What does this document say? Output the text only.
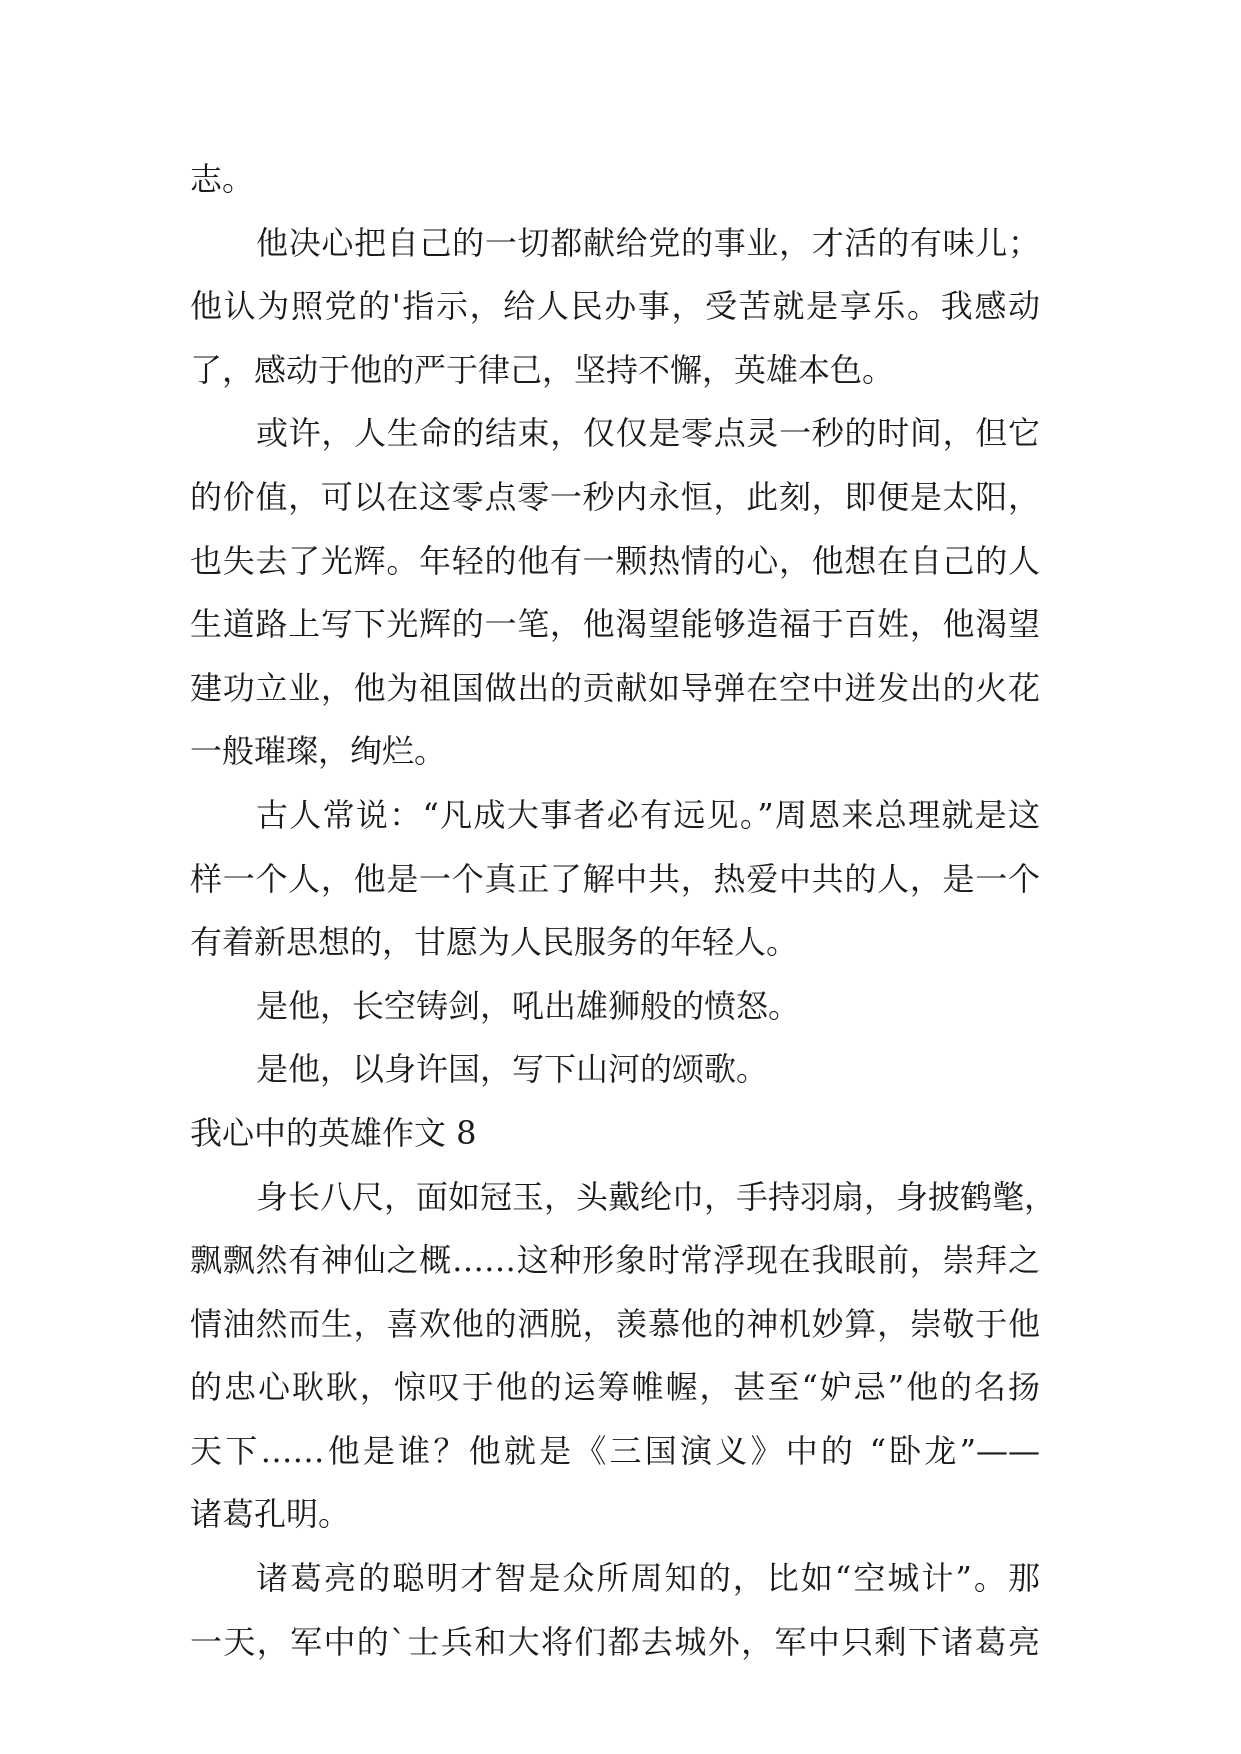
志。
他决心把自己的一切都献给党的事业，才活的有味儿；
他认为照党的'指示，给人民办事，受苦就是享乐。我感动
了，感动于他的严于律己，坚持不懈，英雄本色。
或许，人生命的结束，仅仅是零点灵一秒的时间，但它
的价值，可以在这零点零一秒内永恒，此刻，即便是太阳，
也失去了光辉。年轻的他有一颗热情的心，他想在自己的人
生道路上写下光辉的一笔，他渴望能够造福于百姓，他渴望
建功立业，他为祖国做出的贡献如导弹在空中迸发出的火花
一般璀璨，绚烂。
古人常说：“凡成大事者必有远见。”周恩来总理就是这
样一个人，他是一个真正了解中共，热爱中共的人，是一个
有着新思想的，甘愿为人民服务的年轻人。
是他，长空铸剑，吼出雄狮般的愤怒。
是他，以身许国，写下山河的颂歌。
我心中的英雄作文 8
身长八尺，面如冠玉，头戴纶巾，手持羽扇，身披鹤氅，
飘飘然有神仙之概……这种形象时常浮现在我眼前，崇拜之
情油然而生，喜欢他的洒脱，羡慕他的神机妙算，崇敬于他
的忠心耿耿，惊叹于他的运筹帷幄，甚至“妒忌”他的名扬
天下……他是谁？他就是《三国演义》中的 “卧龙”——
诸葛孔明。
诸葛亮的聪明才智是众所周知的，比如“空城计”。那
一天，军中的`士兵和大将们都去城外，军中只剩下诸葛亮
